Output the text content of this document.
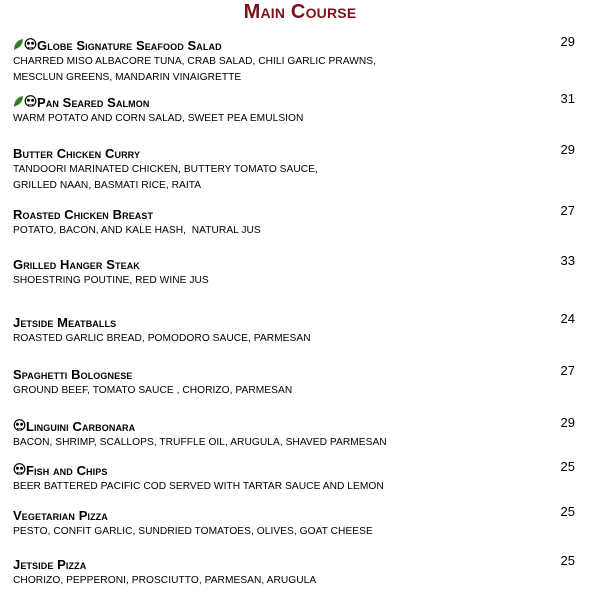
Main Course
Globe Signature Seafood Salad	29
CHARRED MISO ALBACORE TUNA, CRAB SALAD, CHILI GARLIC PRAWNS,
MESCLUN GREENS, MANDARIN VINAIGRETTE
Pan Seared Salmon	31
WARM POTATO AND CORN SALAD, SWEET PEA EMULSION
Butter Chicken Curry	29
TANDOORI MARINATED CHICKEN, BUTTERY TOMATO SAUCE,
GRILLED NAAN, BASMATI RICE, RAITA
Roasted Chicken Breast	27
POTATO, BACON, AND KALE HASH,  NATURAL JUS
Grilled Hanger Steak	33
SHOESTRING POUTINE, RED WINE JUS
Jetside Meatballs	24
ROASTED GARLIC BREAD, POMODORO SAUCE, PARMESAN
Spaghetti Bolognese	27
GROUND BEEF, TOMATO SAUCE , CHORIZO, PARMESAN
Linguini Carbonara	29
BACON, SHRIMP, SCALLOPS, TRUFFLE OIL, ARUGULA, SHAVED PARMESAN
Fish and Chips	25
BEER BATTERED PACIFIC COD SERVED WITH TARTAR SAUCE AND LEMON
Vegetarian Pizza	25
PESTO, CONFIT GARLIC, SUNDRIED TOMATOES, OLIVES, GOAT CHEESE
Jetside Pizza	25
CHORIZO, PEPPERONI, PROSCIUTTO, PARMESAN, ARUGULA
